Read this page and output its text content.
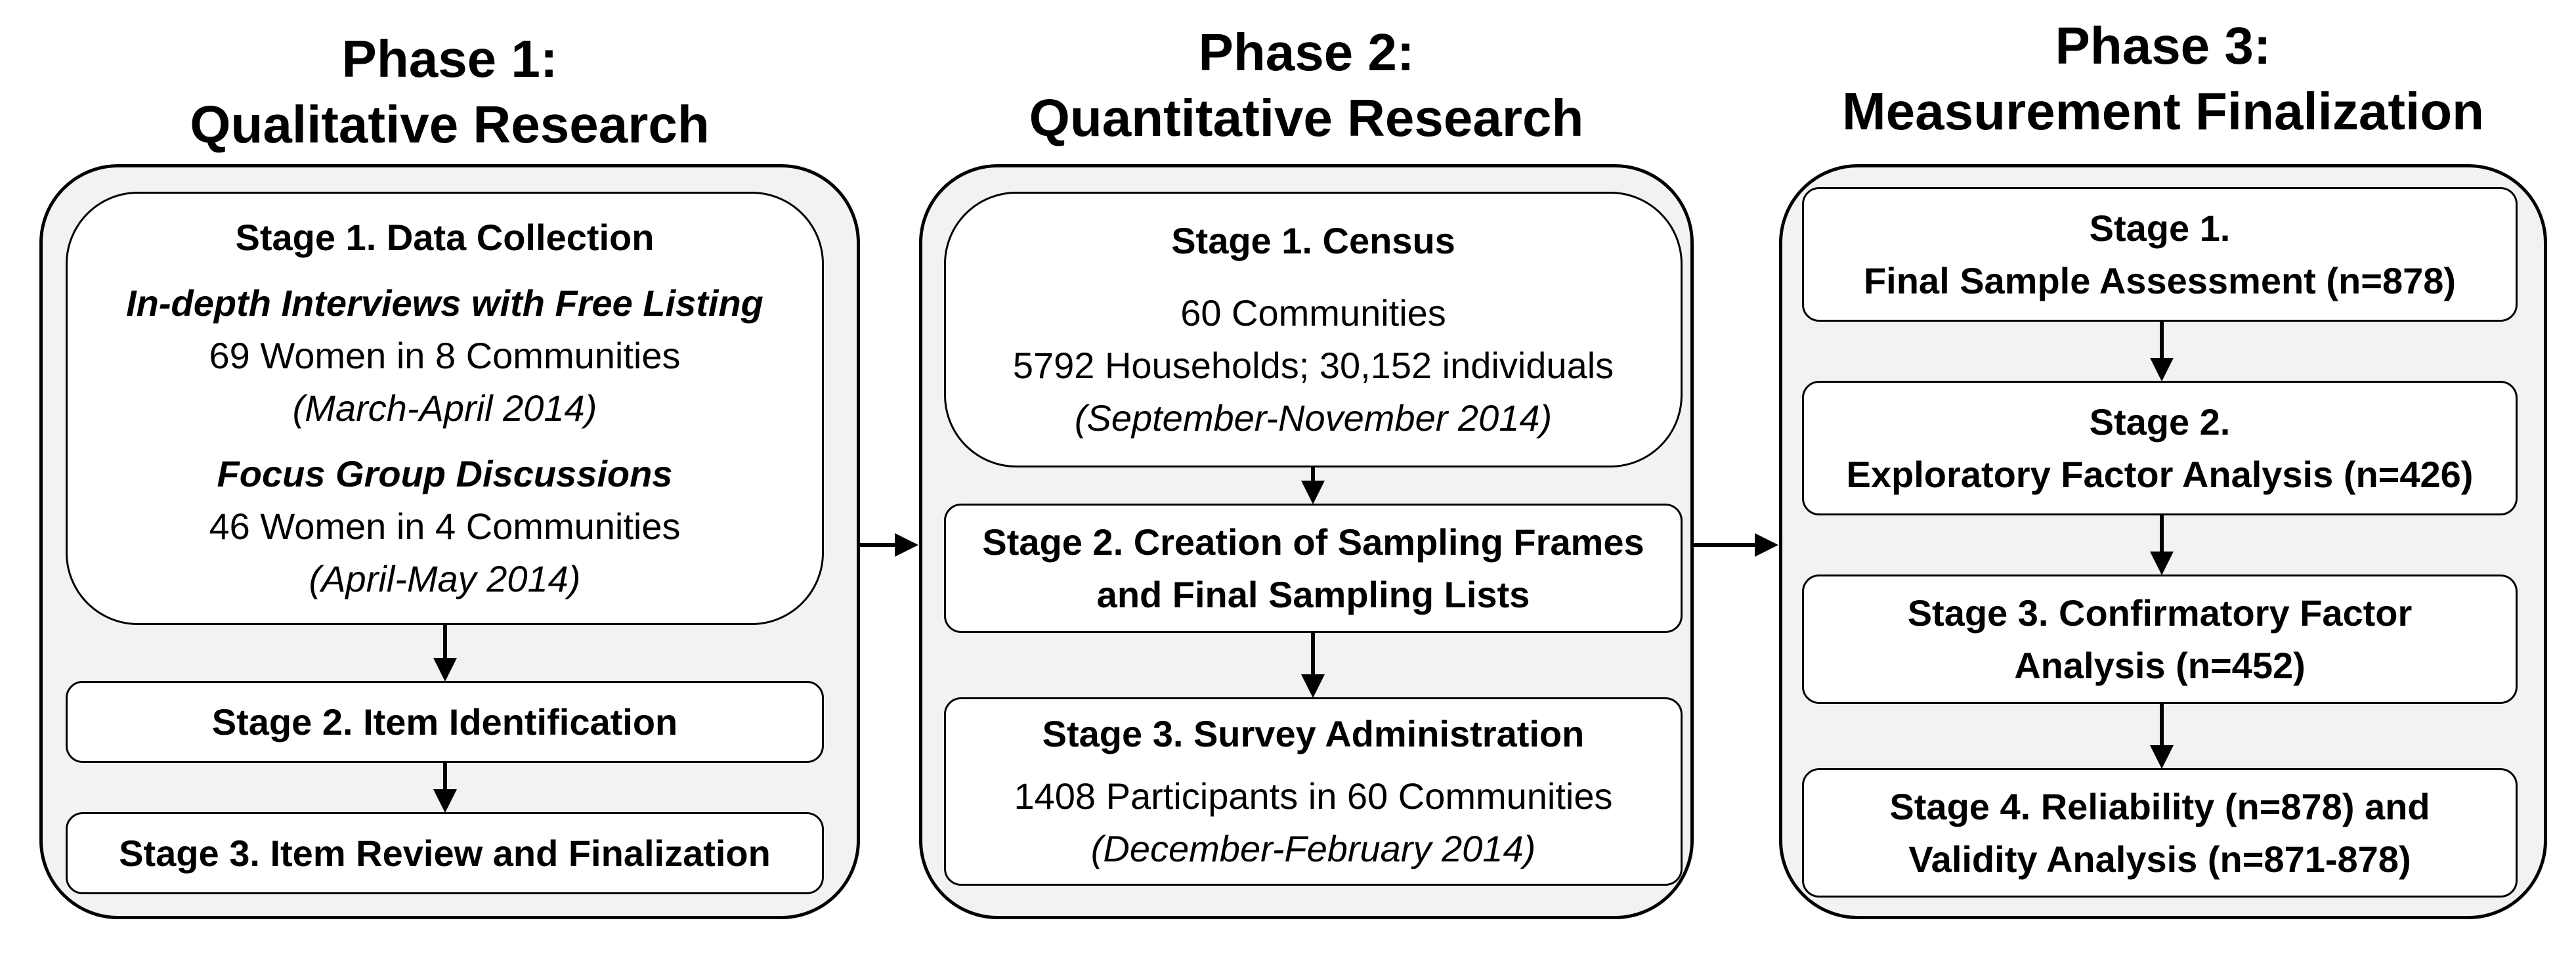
Phase 1:
Qualitative Research
Stage 1. Data Collection
In-depth Interviews with Free Listing
69 Women in 8 Communities
(March-April 2014)
Focus Group Discussions
46 Women in 4 Communities
(April-May 2014)
Stage 2. Item Identification
Stage 3. Item Review and Finalization
Phase 2:
Quantitative Research
Stage 1. Census
60 Communities
5792 Households; 30,152 individuals
(September-November 2014)
Stage 2. Creation of Sampling Frames
and Final Sampling Lists
Stage 3. Survey Administration
1408 Participants in 60 Communities
(December-February 2014)
Phase 3:
Measurement Finalization
Stage 1.
Final Sample Assessment (n=878)
Stage 2.
Exploratory Factor Analysis (n=426)
Stage 3. Confirmatory Factor
Analysis (n=452)
Stage 4. Reliability (n=878) and
Validity Analysis (n=871-878)
